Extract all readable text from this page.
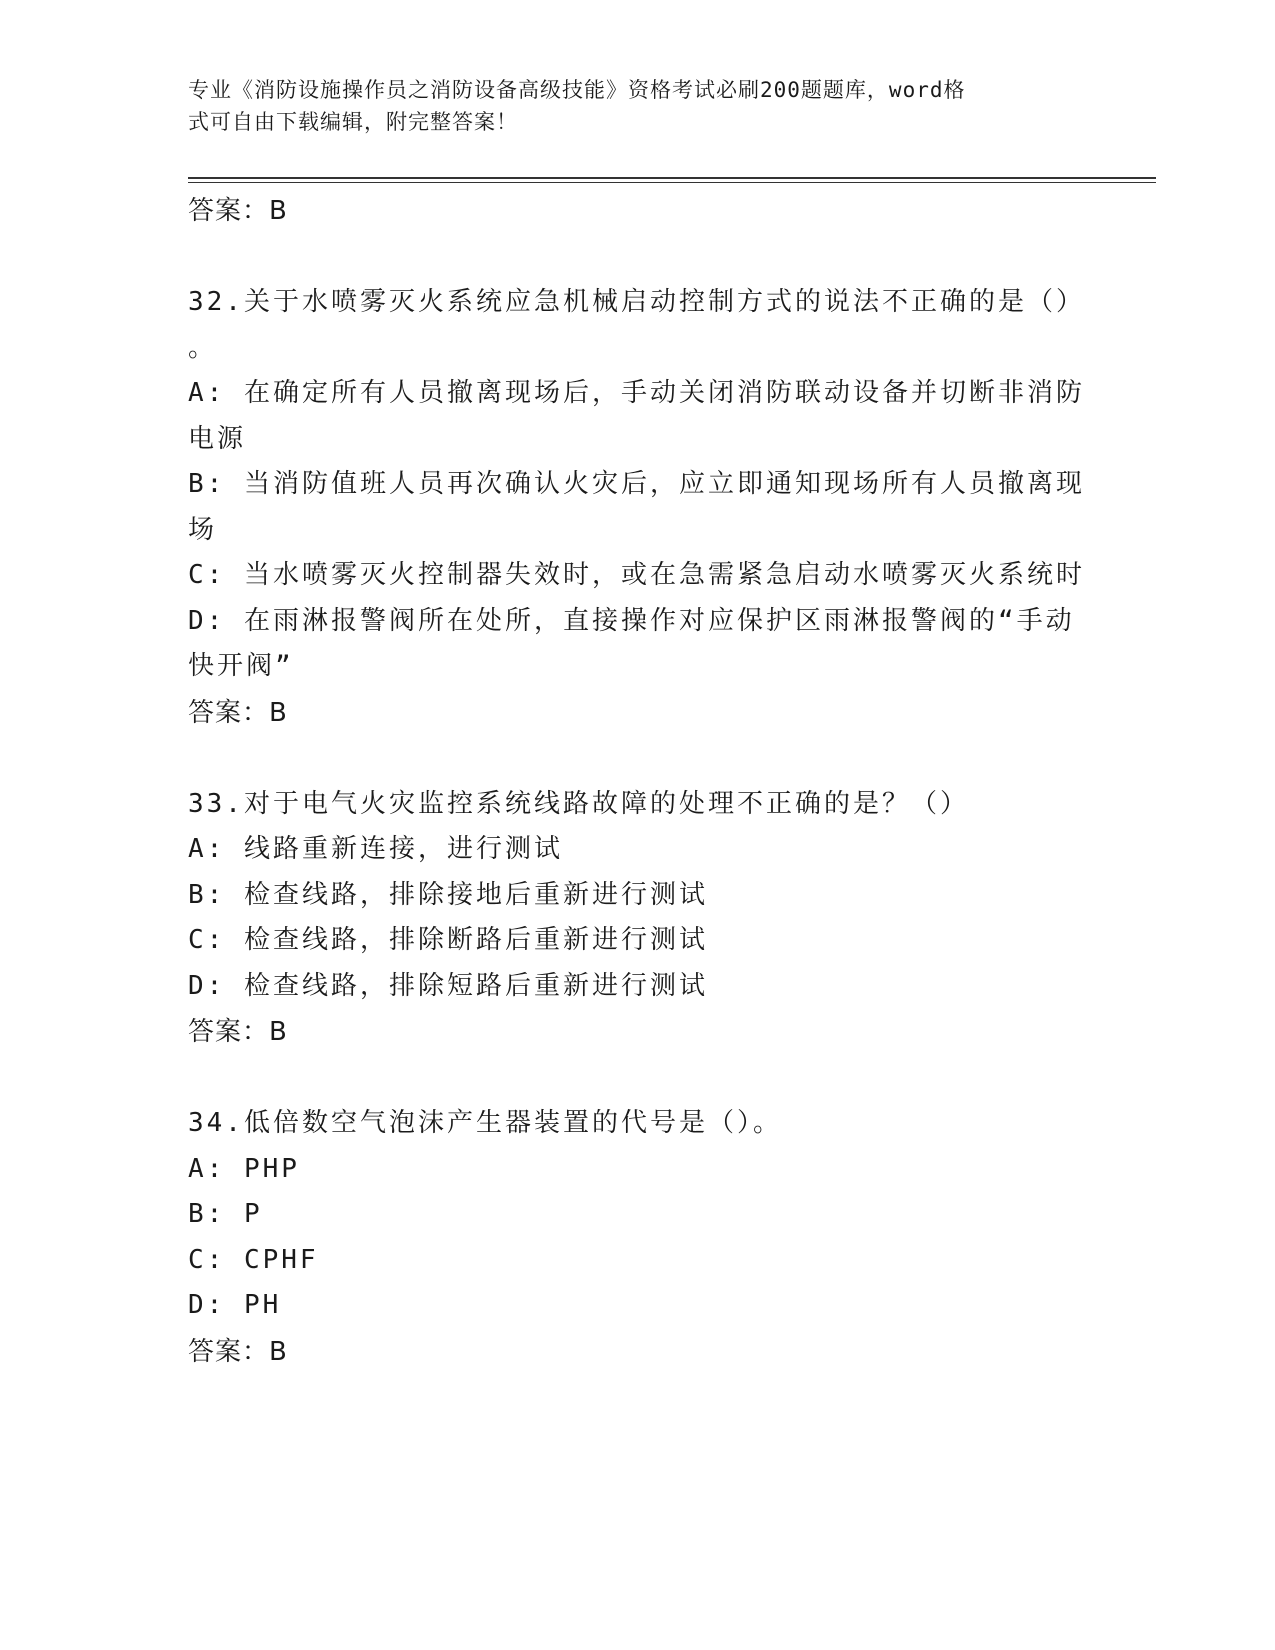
专业《消防设施操作员之消防设备高级技能》资格考试必刷200题题库，word格
式可自由下载编辑，附完整答案！

答案：B

32.关于水喷雾灭火系统应急机械启动控制方式的说法不正确的是（）

。

A: 在确定所有人员撤离现场后，手动关闭消防联动设备并切断非消防

电源

B: 当消防值班人员再次确认火灾后，应立即通知现场所有人员撤离现

场

C: 当水喷雾灭火控制器失效时，或在急需紧急启动水喷雾灭火系统时

D: 在雨淋报警阀所在处所，直接操作对应保护区雨淋报警阀的“手动

快开阀”

答案：B

33.对于电气火灾监控系统线路故障的处理不正确的是？（）

A: 线路重新连接，进行测试

B: 检查线路，排除接地后重新进行测试

C: 检查线路，排除断路后重新进行测试

D: 检查线路，排除短路后重新进行测试

答案：B

34.低倍数空气泡沫产生器装置的代号是（）。

A: PHP

B: P

C: CPHF

D: PH

答案：B
